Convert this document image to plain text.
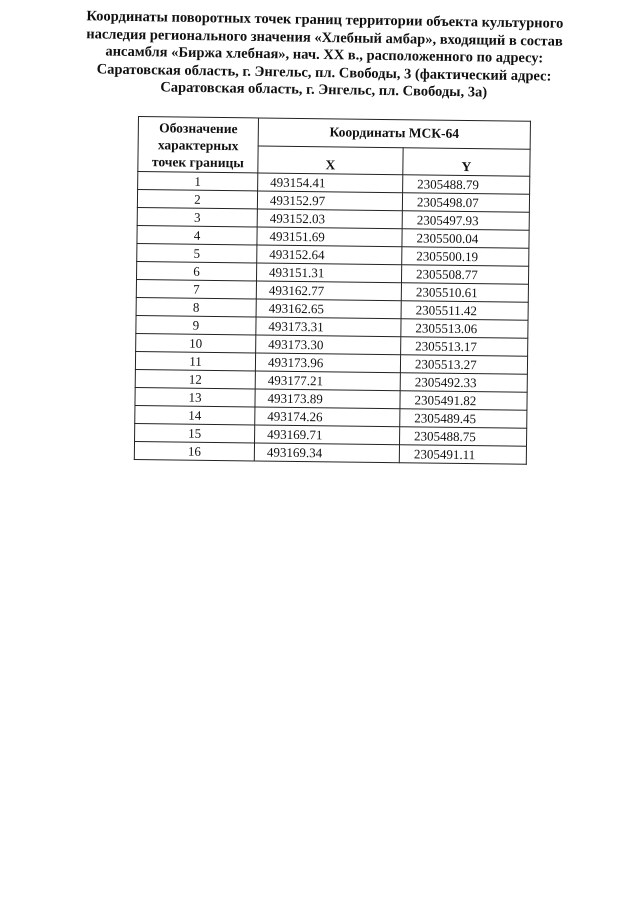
Координаты поворотных точек границ территории объекта культурного
наследия регионального значения «Хлебный амбар», входящий в состав
ансамбля «Биржа хлебная», нач. XX в., расположенного по адресу:
Саратовская область, г. Энгельс, пл. Свободы, 3 (фактический адрес:
Саратовская область, г. Энгельс, пл. Свободы, 3а)
Обозначение
характерных
точек границы	Координаты МСК-64	
	X	Y
1	493154.41	2305488.79
2	493152.97	2305498.07
3	493152.03	2305497.93
4	493151.69	2305500.04
5	493152.64	2305500.19
6	493151.31	2305508.77
7	493162.77	2305510.61
8	493162.65	2305511.42
9	493173.31	2305513.06
10	493173.30	2305513.17
11	493173.96	2305513.27
12	493177.21	2305492.33
13	493173.89	2305491.82
14	493174.26	2305489.45
15	493169.71	2305488.75
16	493169.34	2305491.11
